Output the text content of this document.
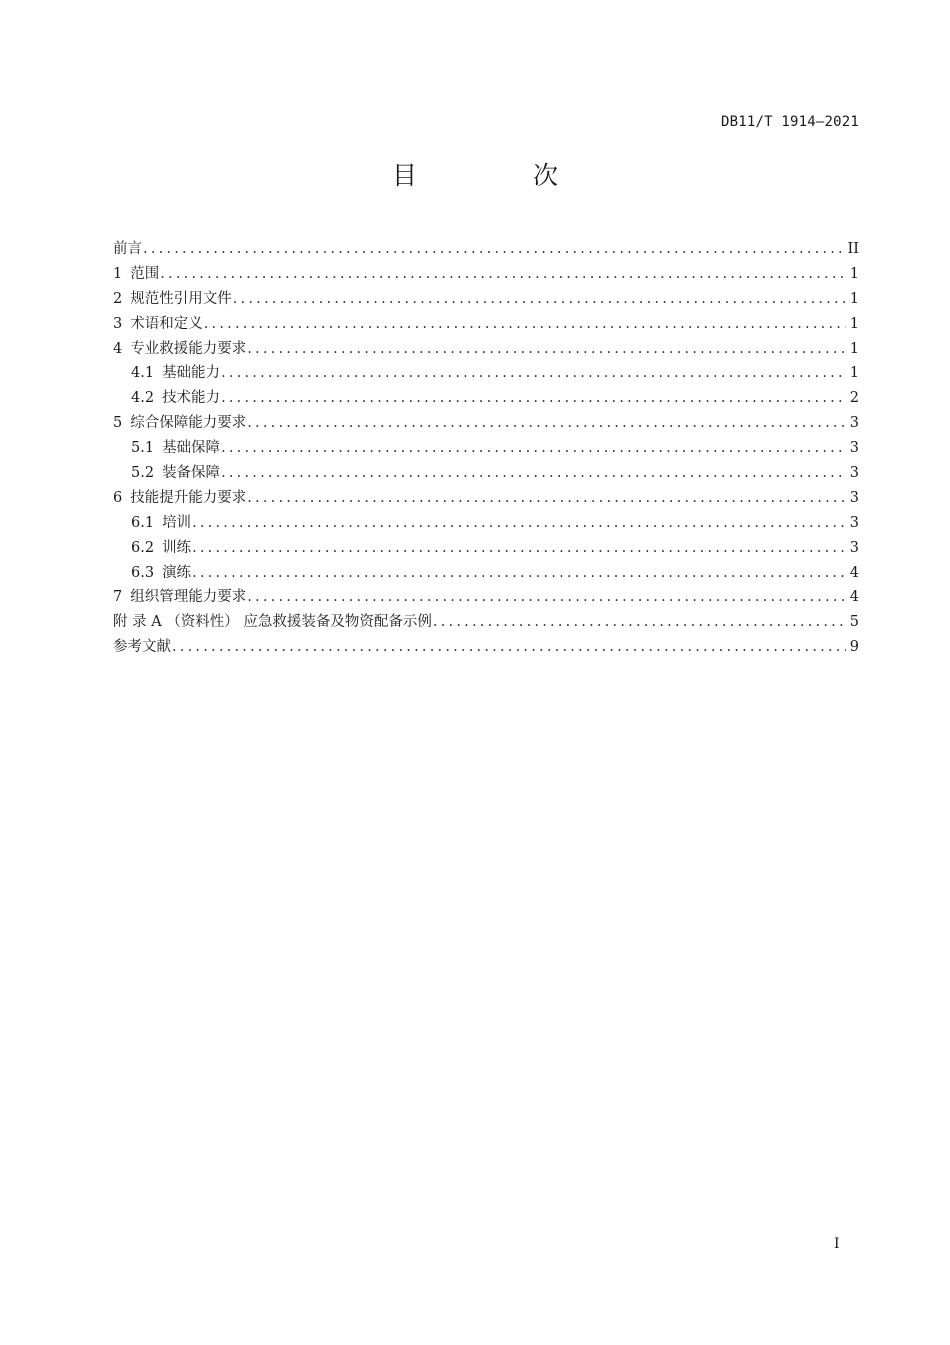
DB11/T 1914—2021
目 次
前言 .....	II
1 范围 .....	1
2 规范性引用文件 .....	1
3 术语和定义 .....	1
4 专业救援能力要求 .....	1
4.1 基础能力 .....	1
4.2 技术能力 .....	2
5 综合保障能力要求 .....	3
5.1 基础保障 .....	3
5.2 装备保障 .....	3
6 技能提升能力要求 .....	3
6.1 培训 .....	3
6.2 训练 .....	3
6.3 演练 .....	4
7 组织管理能力要求 .....	4
附 录 A （资料性） 应急救援装备及物资配备示例 .....	5
参考文献 .....	9
I
